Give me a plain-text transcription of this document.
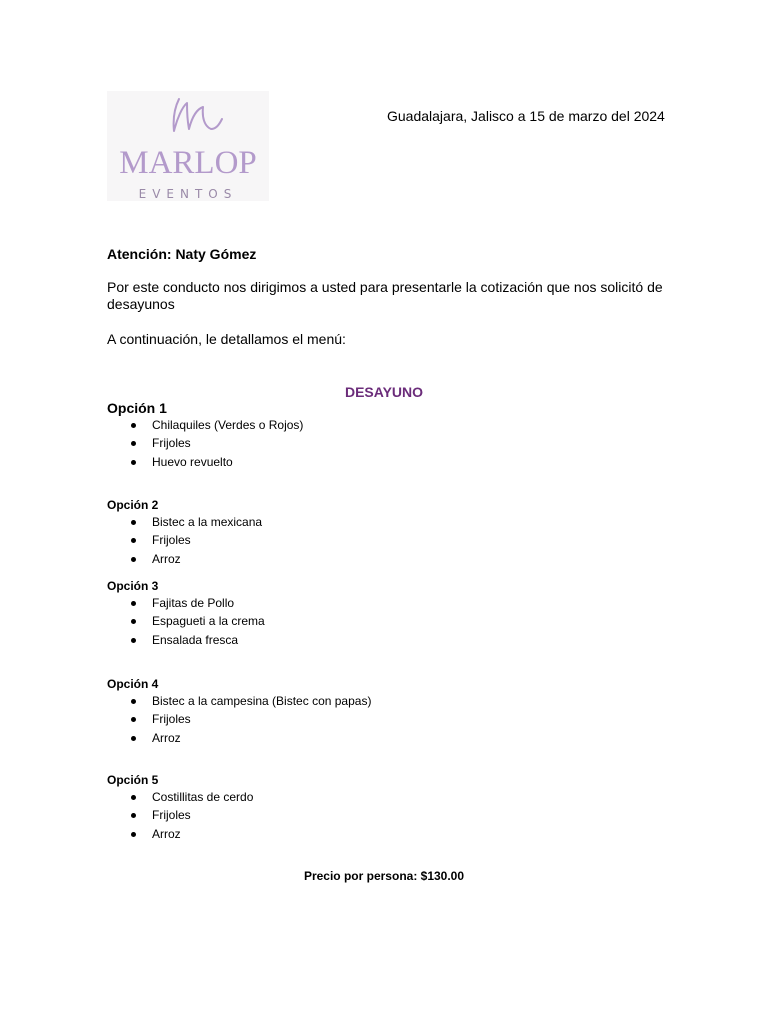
MARLOP
EVENTOS
Guadalajara, Jalisco a 15 de marzo del 2024
Atención: Naty Gómez
Por este conducto nos dirigimos a usted para presentarle la cotización que nos solicitó de desayunos
A continuación, le detallamos el menú:
DESAYUNO
Opción 1
Chilaquiles (Verdes o Rojos)
Frijoles
Huevo revuelto
Opción 2
Bistec a la mexicana
Frijoles
Arroz
Opción 3
Fajitas de Pollo
Espagueti a la crema
Ensalada fresca
Opción 4
Bistec a la campesina (Bistec con papas)
Frijoles
Arroz
Opción 5
Costillitas de cerdo
Frijoles
Arroz
Precio por persona: $130.00
